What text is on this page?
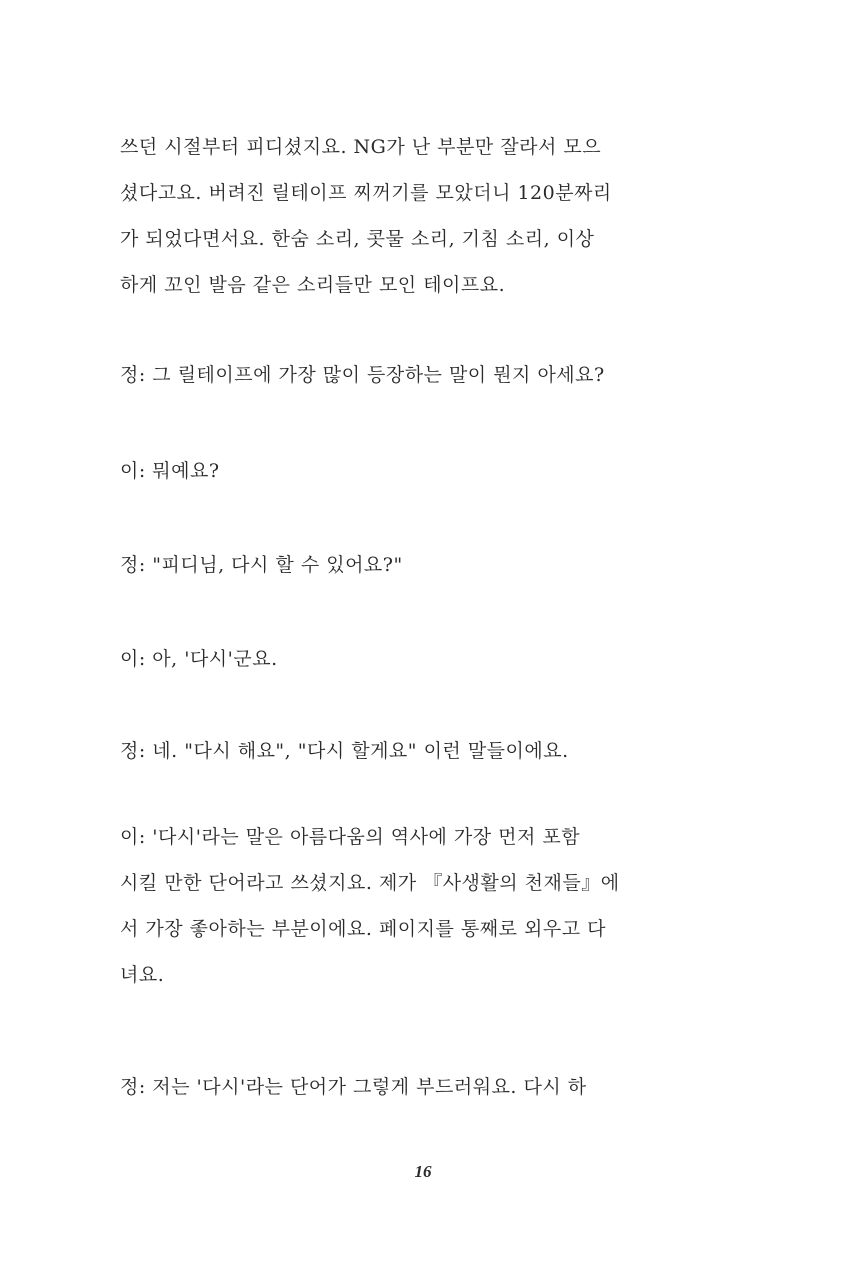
쓰던 시절부터 피디셨지요. NG가 난 부분만 잘라서 모으
셨다고요. 버려진 릴테이프 찌꺼기를 모았더니 120분짜리
가 되었다면서요. 한숨 소리, 콧물 소리, 기침 소리, 이상
하게 꼬인 발음 같은 소리들만 모인 테이프요.

정: 그 릴테이프에 가장 많이 등장하는 말이 뭔지 아세요?

이: 뭐예요?

정: "피디님, 다시 할 수 있어요?"

이: 아, '다시'군요.

정: 네. "다시 해요", "다시 할게요" 이런 말들이에요.

이: '다시'라는 말은 아름다움의 역사에 가장 먼저 포함
시킬 만한 단어라고 쓰셨지요. 제가 『사생활의 천재들』에
서 가장 좋아하는 부분이에요. 페이지를 통째로 외우고 다
녀요.

정: 저는 '다시'라는 단어가 그렇게 부드러워요. 다시 하

16
